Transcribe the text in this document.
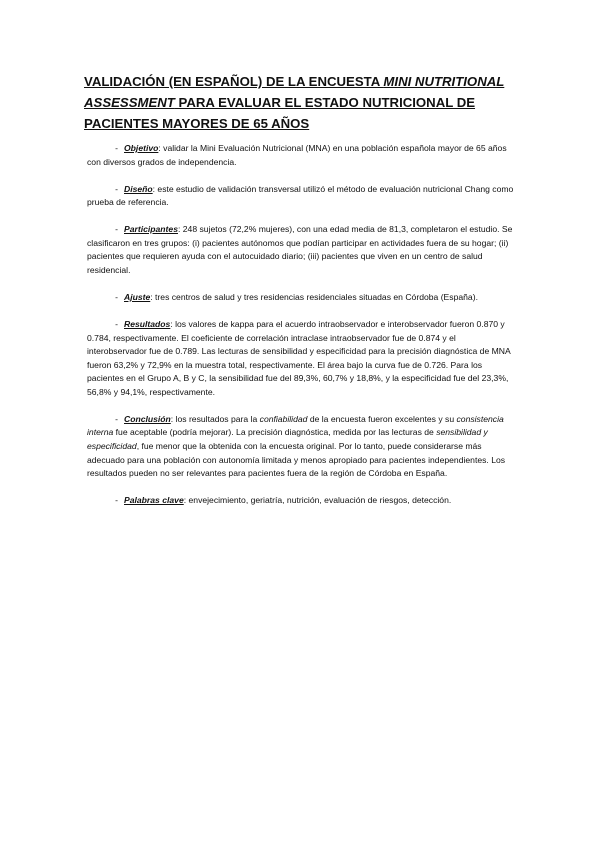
VALIDACIÓN (EN ESPAÑOL) DE LA ENCUESTA MINI NUTRITIONAL ASSESSMENT PARA EVALUAR EL ESTADO NUTRICIONAL DE PACIENTES MAYORES DE 65 AÑOS

- Objetivo: validar la Mini Evaluación Nutricional (MNA) en una población española mayor de 65 años con diversos grados de independencia.

- Diseño: este estudio de validación transversal utilizó el método de evaluación nutricional Chang como prueba de referencia.

- Participantes: 248 sujetos (72,2% mujeres), con una edad media de 81,3, completaron el estudio. Se clasificaron en tres grupos: (i) pacientes autónomos que podían participar en actividades fuera de su hogar; (ii) pacientes que requieren ayuda con el autocuidado diario; (iii) pacientes que viven en un centro de salud residencial.

- Ajuste: tres centros de salud y tres residencias residenciales situadas en Córdoba (España).

- Resultados: los valores de kappa para el acuerdo intraobservador e interobservador fueron 0.870 y 0.784, respectivamente. El coeficiente de correlación intraclase intraobservador fue de 0.874 y el interobservador fue de 0.789. Las lecturas de sensibilidad y especificidad para la precisión diagnóstica de MNA fueron 63,2% y 72,9% en la muestra total, respectivamente. El área bajo la curva fue de 0.726. Para los pacientes en el Grupo A, B y C, la sensibilidad fue del 89,3%, 60,7% y 18,8%, y la especificidad fue del 23,3%, 56,8% y 94,1%, respectivamente.

- Conclusión: los resultados para la confiabilidad de la encuesta fueron excelentes y su consistencia interna fue aceptable (podría mejorar). La precisión diagnóstica, medida por las lecturas de sensibilidad y especificidad, fue menor que la obtenida con la encuesta original. Por lo tanto, puede considerarse más adecuado para una población con autonomía limitada y menos apropiado para pacientes independientes. Los resultados pueden no ser relevantes para pacientes fuera de la región de Córdoba en España.

- Palabras clave: envejecimiento, geriatría, nutrición, evaluación de riesgos, detección.
